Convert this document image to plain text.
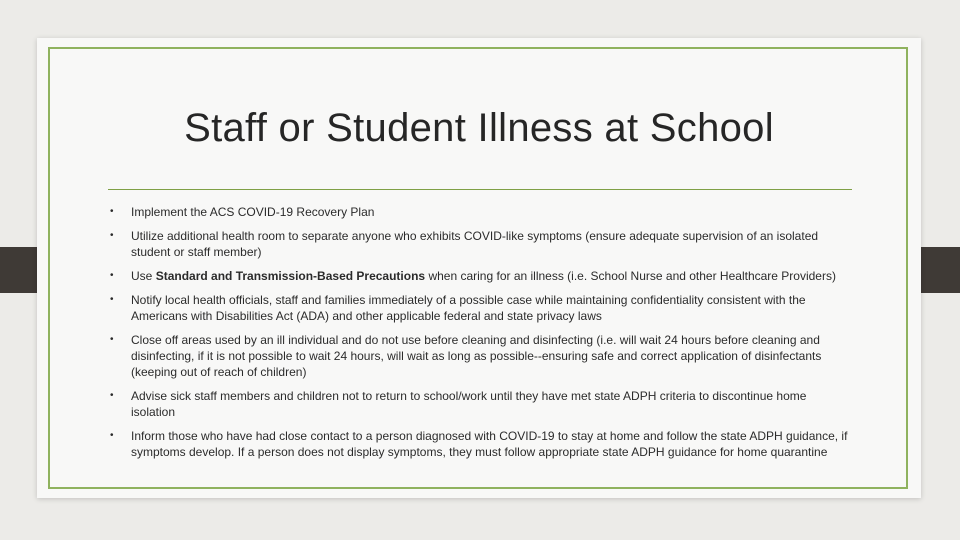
Staff or Student Illness at School
• Implement the ACS COVID-19 Recovery Plan
• Utilize additional health room to separate anyone who exhibits COVID-like symptoms (ensure adequate supervision of an isolated student or staff member)
• Use Standard and Transmission-Based Precautions when caring for an illness (i.e. School Nurse and other Healthcare Providers)
• Notify local health officials, staff and families immediately of a possible case while maintaining confidentiality consistent with the Americans with Disabilities Act (ADA) and other applicable federal and state privacy laws
• Close off areas used by an ill individual and do not use before cleaning and disinfecting (i.e. will wait 24 hours before cleaning and disinfecting, if it is not possible to wait 24 hours, will wait as long as possible--ensuring safe and correct application of disinfectants (keeping out of reach of children)
• Advise sick staff members and children not to return to school/work until they have met state ADPH criteria to discontinue home isolation
• Inform those who have had close contact to a person diagnosed with COVID-19 to stay at home and follow the state ADPH guidance, if symptoms develop. If a person does not display symptoms, they must follow appropriate state ADPH guidance for home quarantine
